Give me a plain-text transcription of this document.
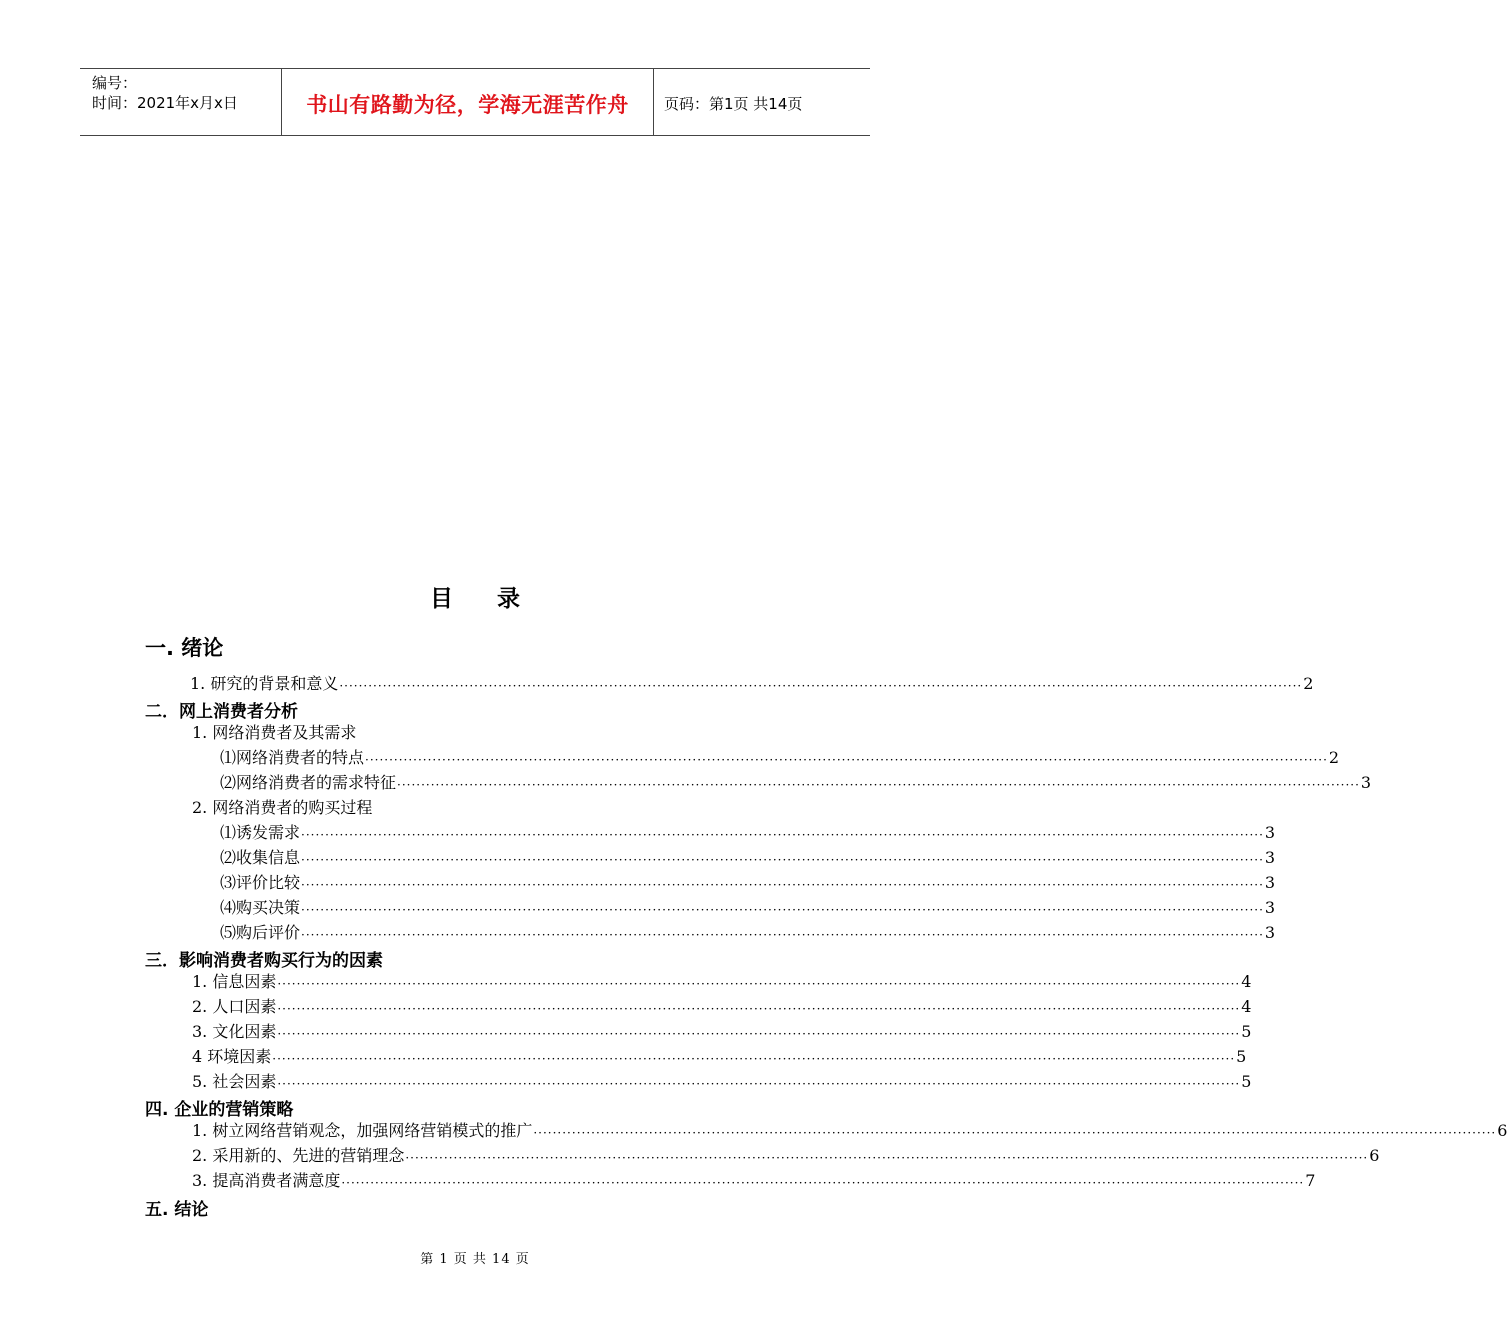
编号：
时间：2021年x月x日	书山有路勤为径，学海无涯苦作舟	页码：第1页 共14页
目录
一. 绪论
二．网上消费者分析
三．影响消费者购买行为的因素
四. 企业的营销策略
五. 结论
1. 研究的背景和意义 ········································································································································································································ 2
1. 网络消费者及其需求
⑴网络消费者的特点 ········································································································································································································ 2
⑵网络消费者的需求特征 ········································································································································································································ 3
2. 网络消费者的购买过程
⑴诱发需求 ········································································································································································································ 3
⑵收集信息 ········································································································································································································ 3
⑶评价比较 ········································································································································································································ 3
⑷购买决策 ········································································································································································································ 3
⑸购后评价 ········································································································································································································ 3
1. 信息因素 ········································································································································································································ 4
2. 人口因素 ········································································································································································································ 4
3. 文化因素 ········································································································································································································ 5
4 环境因素 ········································································································································································································ 5
5. 社会因素 ········································································································································································································ 5
1. 树立网络营销观念，加强网络营销模式的推广 ········································································································································································································ 6
2. 采用新的、先进的营销理念 ········································································································································································································ 6
3. 提高消费者满意度 ········································································································································································································ 7
第 1 页 共 14 页
